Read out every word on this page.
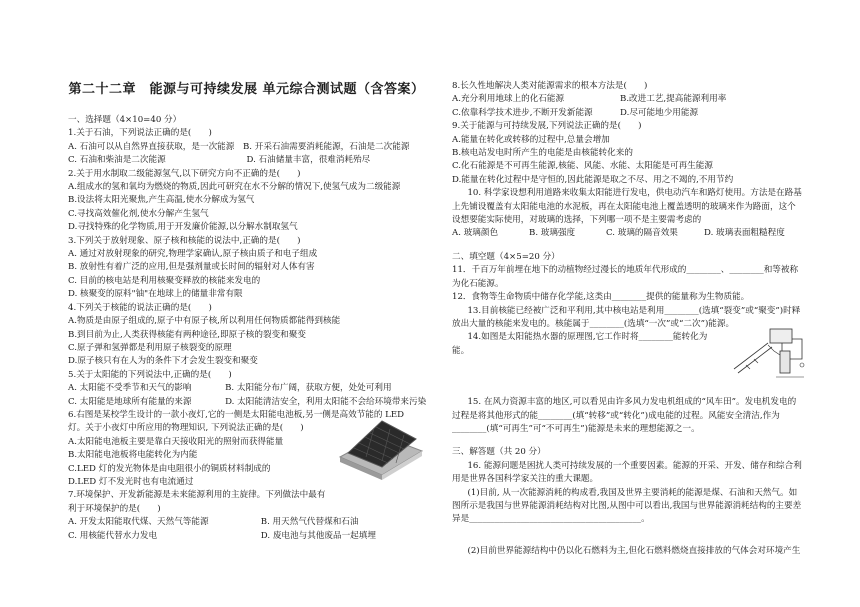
第二十二章　能源与可持续发展 单元综合测试题（含答案）
一、选择题（4×10=40 分）
1.关于石油，下列说法正确的是(　　)
A. 石油可以从自然界直接获取，是一次能源　B. 开采石油需要消耗能源，石油是二次能源
C. 石油和柴油是二次能源	D. 石油储量丰富，很难消耗殆尽
2.关于用水制取二级能源氢气,以下研究方向不正确的是(　　)
A.组成水的氢和氧均为燃烧的物质,因此可研究在水不分解的情况下,使氢气成为二级能源
B.设法将太阳光聚焦,产生高温,使水分解成为氢气
C.寻找高效催化剂,使水分解产生氢气
D.寻找特殊的化学物质,用于开发廉价能源,以分解水制取氢气
3.下列关于放射现象、原子核和核能的说法中,正确的是(　　)
A. 通过对放射现象的研究,物理学家确认,原子核由质子和电子组成
B. 放射性有着广泛的应用,但是强剂量或长时间的辐射对人体有害
C. 目前的核电站是利用核聚变释放的核能来发电的
D. 核聚变的原料"铀"在地球上的储量非常有限
4.下列关于核能的说法正确的是(　　)
A.物质是由原子组成的,原子中有原子核,所以利用任何物质都能得到核能
B.到目前为止,人类获得核能有两种途径,即原子核的裂变和聚变
C.原子弹和氢弹都是利用原子核裂变的原理
D.原子核只有在人为的条件下才会发生裂变和聚变
5.关于太阳能的下列说法中,正确的是(　　)
A. 太阳能不受季节和天气的影响	B. 太阳能分布广阔，获取方便，处处可利用
C. 太阳能是地球所有能量的来源	D. 太阳能清洁安全，利用太阳能不会给环境带来污染
6.右图是某校学生设计的一款小夜灯,它的一侧是太阳能电池板,另一侧是高效节能的 LED
灯。关于小夜灯中所应用的物理知识, 下列说法正确的是(　　)
A.太阳能电池板主要是靠白天接收阳光的照射而获得能量
B.太阳能电池板将电能转化为内能
C.LED 灯的发光物体是由电阻很小的铜质材料制成的
D.LED 灯不发光时也有电流通过
7.环境保护、开发新能源是未来能源利用的主旋律。下列做法中最有
利于环境保护的是(　　)
A. 开发太阳能取代煤、天然气等能源	B. 用天然气代替煤和石油
C. 用核能代替水力发电	D. 废电池与其他废品一起填埋
8.长久性地解决人类对能源需求的根本方法是(　　)
A.充分利用地球上的化石能源	B.改进工艺,提高能源利用率
C.依靠科学技术进步,不断开发新能源	D.尽可能地少用能源
9.关于能源与可持续发展,下列说法正确的是(　　)
A.能量在转化或转移的过程中,总量会增加
B.核电站发电时所产生的电能是由核能转化来的
C.化石能源是不可再生能源,核能、风能、水能、太阳能是可再生能源
D.能量在转化过程中是守恒的,因此能源是取之不尽、用之不竭的,不用节约
10. 科学家设想利用道路来收集太阳能进行发电，供电动汽车和路灯使用。方法是在路基上先铺设覆盖有太阳能电池的水泥板，再在太阳能电池上覆盖透明的玻璃来作为路面，这个设想要能实际使用，对玻璃的选择，下列哪一项不是主要需考虑的
A. 玻璃颜色	B. 玻璃强度	C. 玻璃的隔音效果	D. 玻璃表面粗糙程度
二、填空题（4×5=20 分）
11．千百万年前埋在地下的动植物经过漫长的地质年代形成的________、________和等被称为化石能源。
12．食物等生命物质中储存化学能,这类由________提供的能量称为生物质能。
13.目前核能已经被广泛和平利用,其中核电站是利用________(选填“裂变”或“聚变”)时释放出大量的核能来发电的。核能属于________(选填“一次”或“二次”)能源。
14.如图是太阳能热水器的原理图,它工作时将________能转化为
能。
15. 在风力资源丰富的地区,可以看见由许多风力发电机组成的“风车田”。发电机发电的过程是将其他形式的能________(填“转移”或“转化”)成电能的过程。风能安全清洁,作为________(填“可再生”可“不可再生”)能源是未来的理想能源之一。
三、解答题（共 20 分）
16. 能源问题是困扰人类可持续发展的一个重要因素。能源的开采、开发、储存和综合利用是世界各国科学家关注的重大课题。
(1)目前, 从一次能源消耗的构成看,我国及世界主要消耗的能源是煤、石油和天然气。如图所示是我国与世界能源消耗结构对比图,从图中可以看出,我国与世界能源消耗结构的主要差异是________________________________________。
(2)目前世界能源结构中仍以化石燃料为主,但化石燃料燃烧直接排放的气体会对环境产生
